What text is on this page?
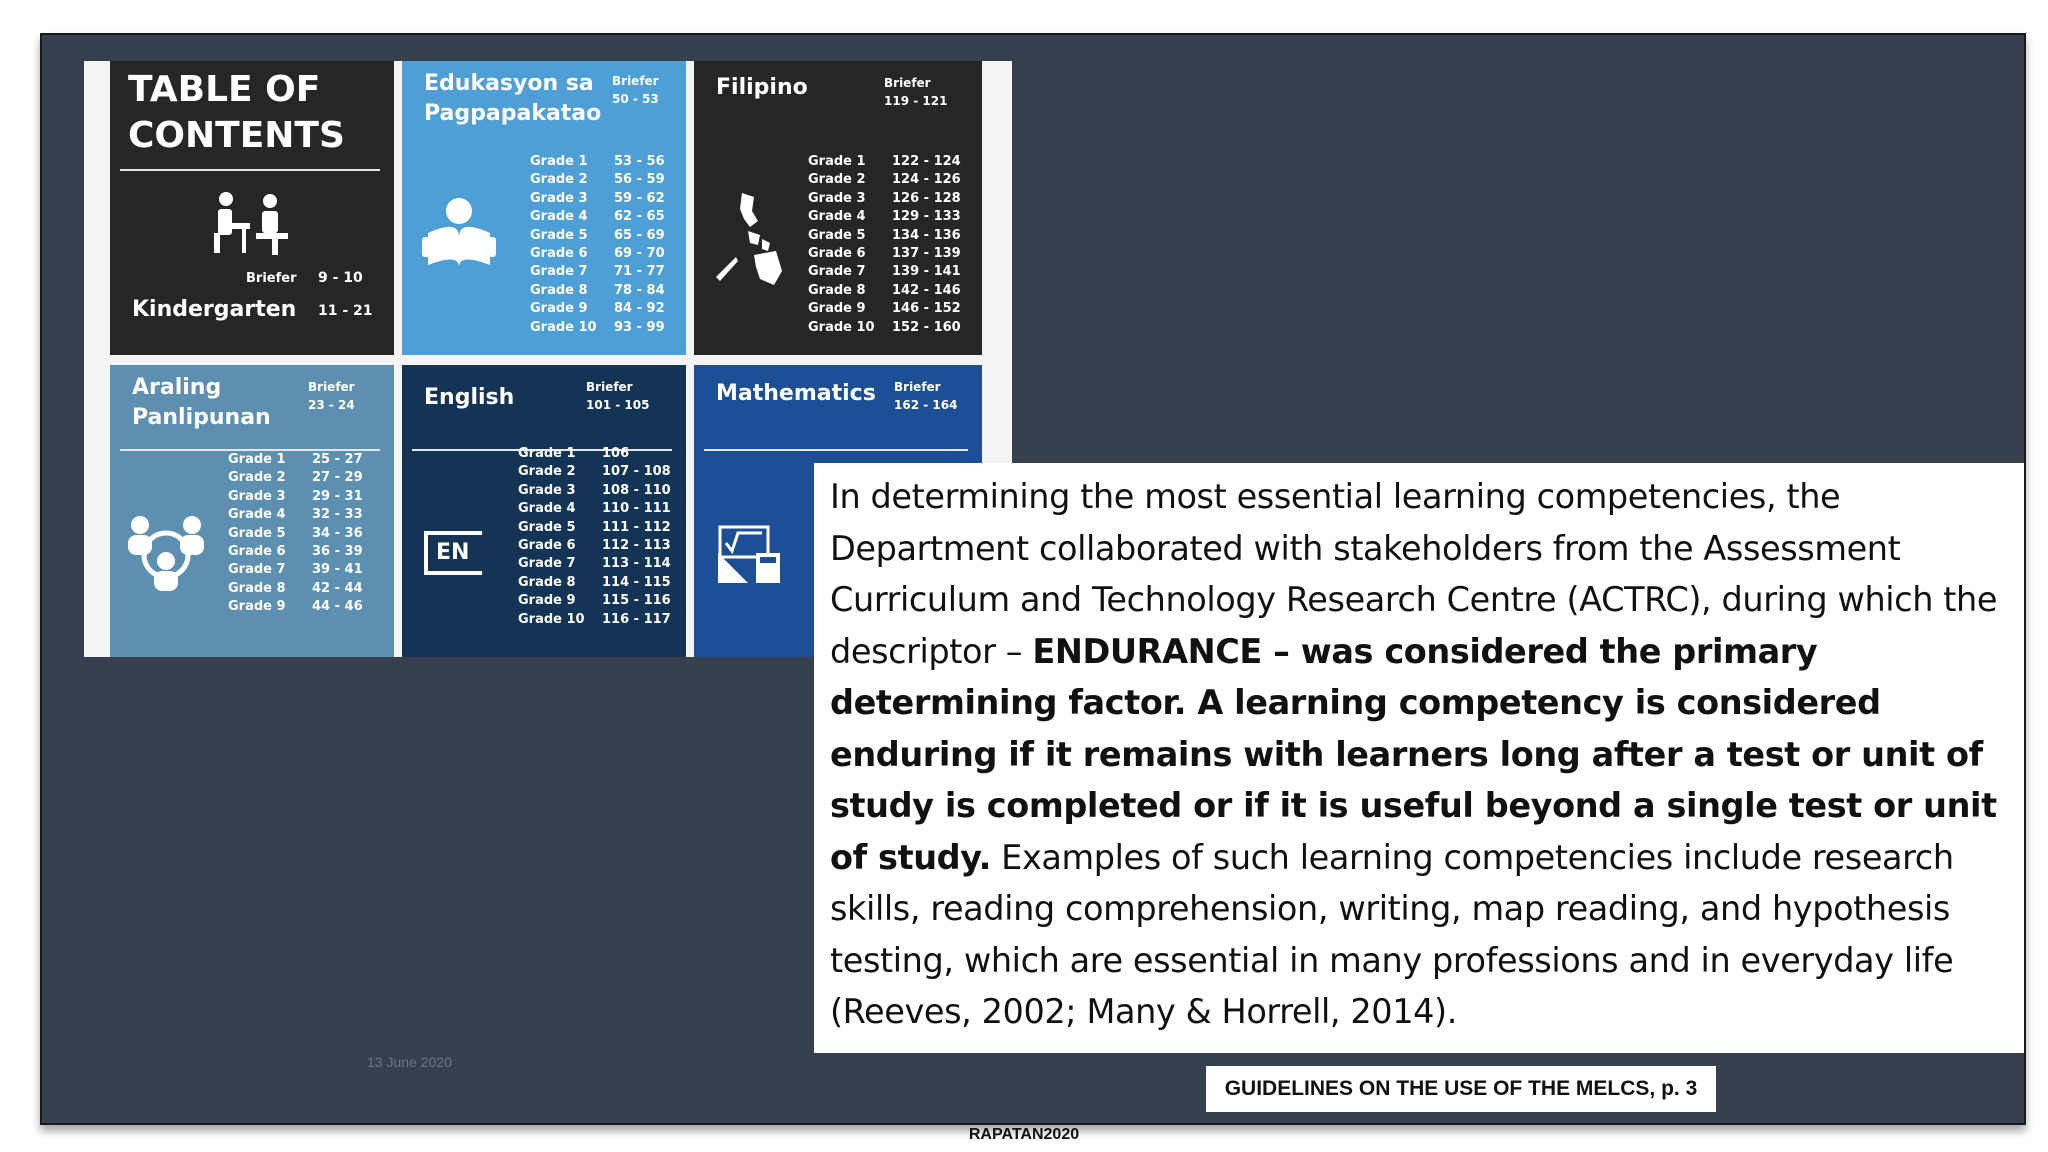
TABLE OF
CONTENTS
Briefer 9 - 10
Kindergarten 11 - 21
Edukasyon sa
Pagpapakatao
Briefer
50 - 53
Grade 1 53 - 56
Grade 2 56 - 59
Grade 3 59 - 62
Grade 4 62 - 65
Grade 5 65 - 69
Grade 6 69 - 70
Grade 7 71 - 77
Grade 8 78 - 84
Grade 9 84 - 92
Grade 10 93 - 99
Filipino	Briefer
119 - 121
Grade 1 122 - 124
Grade 2 124 - 126
Grade 3 126 - 128
Grade 4 129 - 133
Grade 5 134 - 136
Grade 6 137 - 139
Grade 7 139 - 141
Grade 8 142 - 146
Grade 9 146 - 152
Grade 10 152 - 160
Araling
Panlipunan
Briefer
23 - 24
Grade 1 25 - 27
Grade 2 27 - 29
Grade 3 29 - 31
Grade 4 32 - 33
Grade 5 34 - 36
Grade 6 36 - 39
Grade 7 39 - 41
Grade 8 42 - 44
Grade 9 44 - 46
English	Briefer
101 - 105
EN
Grade 1 106
Grade 2 107 - 108
Grade 3 108 - 110
Grade 4 110 - 111
Grade 5 111 - 112
Grade 6 112 - 113
Grade 7 113 - 114
Grade 8 114 - 115
Grade 9 115 - 116
Grade 10 116 - 117
Mathematics Briefer
162 - 164
In determining the most essential learning competencies, the Department collaborated with stakeholders from the Assessment Curriculum and Technology Research Centre (ACTRC), during which the descriptor – ENDURANCE – was considered the primary determining factor. A learning competency is considered enduring if it remains with learners long after a test or unit of study is completed or if it is useful beyond a single test or unit of study. Examples of such learning competencies include research skills, reading comprehension, writing, map reading, and hypothesis testing, which are essential in many professions and in everyday life (Reeves, 2002; Many & Horrell, 2014).
GUIDELINES ON THE USE OF THE MELCS, p. 3
13 June 2020
RAPATAN2020
